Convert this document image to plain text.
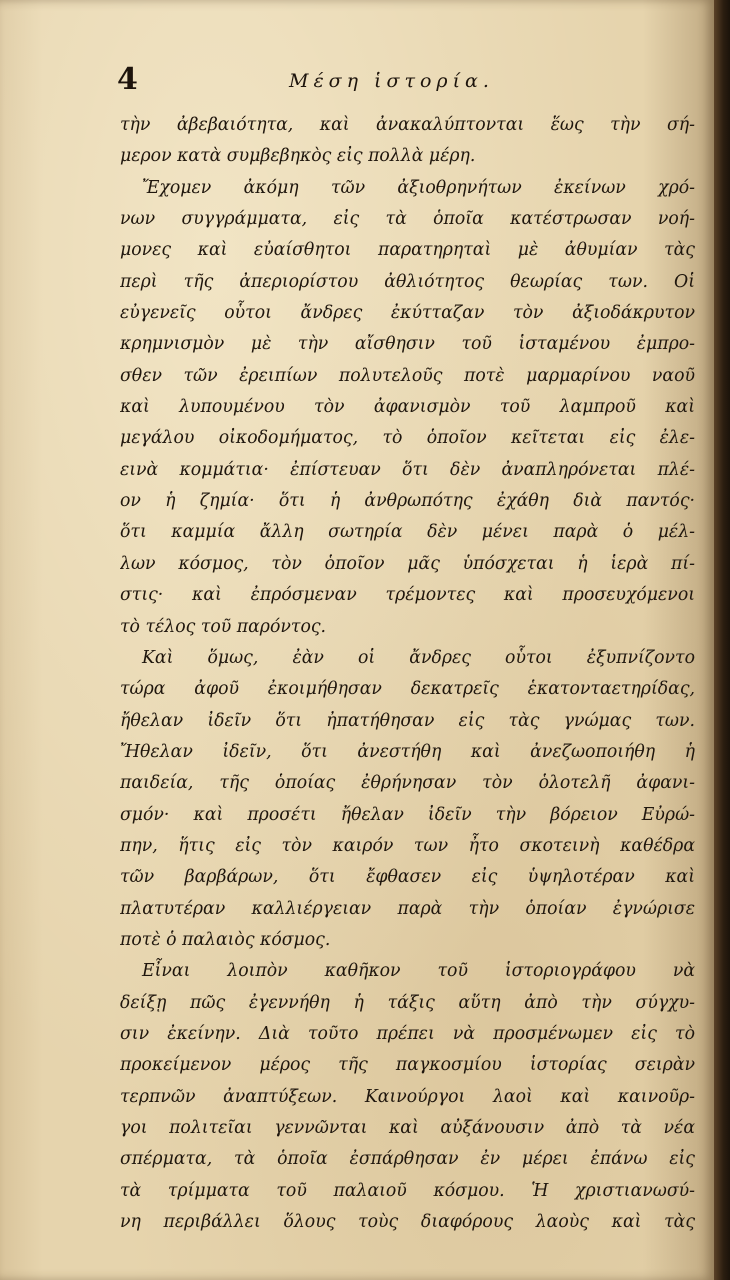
4	Μέση ἱστορία.
τὴν ἀβεβαιότητα, καὶ ἀνακαλύπτονται ἕως τὴν σή-
μερον κατὰ συμβεβηκὸς εἰς πολλὰ μέρη.
Ἔχομεν ἀκόμη τῶν ἀξιοθρηνήτων ἐκείνων χρό-
νων συγγράμματα, εἰς τὰ ὁποῖα κατέστρωσαν νοή-
μονες καὶ εὐαίσθητοι παρατηρηταὶ μὲ ἀθυμίαν τὰς
περὶ τῆς ἀπεριορίστου ἀθλιότητος θεωρίας των. Οἱ
εὐγενεῖς οὗτοι ἄνδρες ἐκύτταζαν τὸν ἀξιοδάκρυτον
κρημνισμὸν μὲ τὴν αἴσθησιν τοῦ ἱσταμένου ἐμπρο-
σθεν τῶν ἐρειπίων πολυτελοῦς ποτὲ μαρμαρίνου ναοῦ
καὶ λυπουμένου τὸν ἀφανισμὸν τοῦ λαμπροῦ καὶ
μεγάλου οἰκοδομήματος, τὸ ὁποῖον κεῖτεται εἰς ἐλε-
εινὰ κομμάτια· ἐπίστευαν ὅτι δὲν ἀναπληρόνεται πλέ-
ον ἡ ζημία· ὅτι ἡ ἀνθρωπότης ἐχάθη διὰ παντός·
ὅτι καμμία ἄλλη σωτηρία δὲν μένει παρὰ ὁ μέλ-
λων κόσμος, τὸν ὁποῖον μᾶς ὑπόσχεται ἡ ἱερὰ πί-
στις· καὶ ἐπρόσμεναν τρέμοντες καὶ προσευχόμενοι
τὸ τέλος τοῦ παρόντος.
Καὶ ὅμως, ἐὰν οἱ ἄνδρες οὗτοι ἐξυπνίζοντο
τώρα ἀφοῦ ἐκοιμήθησαν δεκατρεῖς ἑκατονταετηρίδας,
ἤθελαν ἰδεῖν ὅτι ἠπατήθησαν εἰς τὰς γνώμας των.
Ἤθελαν ἰδεῖν, ὅτι ἀνεστήθη καὶ ἀνεζωοποιήθη ἡ
παιδεία, τῆς ὁποίας ἐθρήνησαν τὸν ὁλοτελῆ ἀφανι-
σμόν· καὶ προσέτι ἤθελαν ἰδεῖν τὴν βόρειον Εὐρώ-
πην, ἥτις εἰς τὸν καιρόν των ἦτο σκοτεινὴ καθέδρα
τῶν βαρβάρων, ὅτι ἔφθασεν εἰς ὑψηλοτέραν καὶ
πλατυτέραν καλλιέργειαν παρὰ τὴν ὁποίαν ἐγνώρισε
ποτὲ ὁ παλαιὸς κόσμος.
Εἶναι λοιπὸν καθῆκον τοῦ ἱστοριογράφου νὰ
δείξῃ πῶς ἐγεννήθη ἡ τάξις αὕτη ἀπὸ τὴν σύγχυ-
σιν ἐκείνην. Διὰ τοῦτο πρέπει νὰ προσμένωμεν εἰς τὸ
προκείμενον μέρος τῆς παγκοσμίου ἱστορίας σειρὰν
τερπνῶν ἀναπτύξεων. Καινούργοι λαοὶ καὶ καινοῦρ-
γοι πολιτεῖαι γεννῶνται καὶ αὐξάνουσιν ἀπὸ τὰ νέα
σπέρματα, τὰ ὁποῖα ἐσπάρθησαν ἐν μέρει ἐπάνω εἰς
τὰ τρίμματα τοῦ παλαιοῦ κόσμου. Ἡ χριστιανωσύ-
νη περιβάλλει ὅλους τοὺς διαφόρους λαοὺς καὶ τὰς
